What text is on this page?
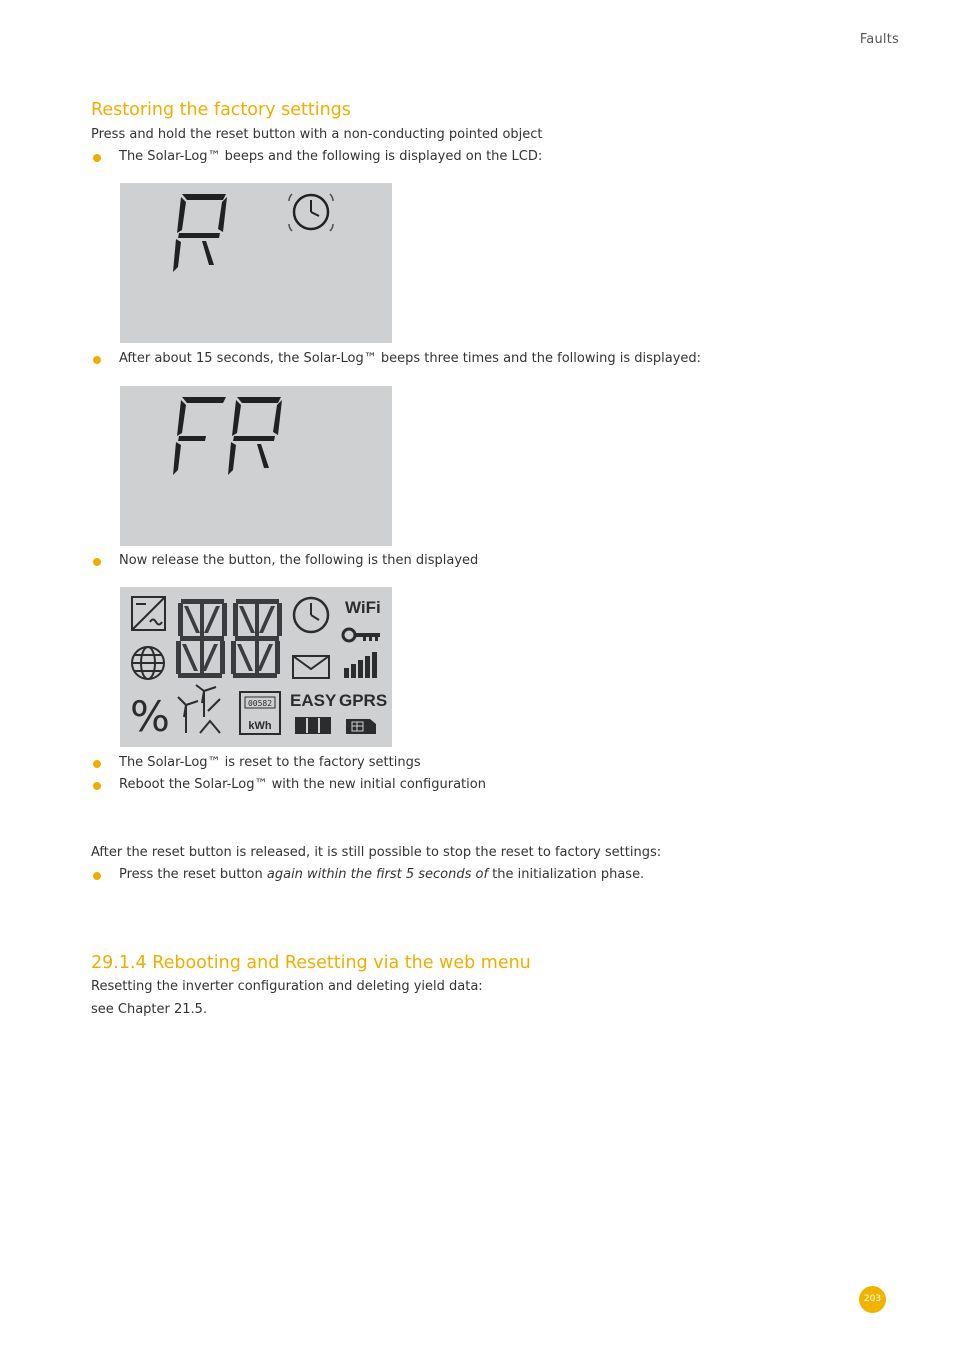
Faults
Restoring the factory settings

Press and hold the reset button with a non-conducting pointed object

The Solar-Log™ beeps and the following is displayed on the LCD:
After about 15 seconds, the Solar-Log™ beeps three times and the following is displayed:
Now release the button, the following is then displayed
%	00582
kWh
WiFi
EASY GPRS
The Solar-Log™ is reset to the factory settings
Reboot the Solar-Log™ with the new initial configuration

After the reset button is released, it is still possible to stop the reset to factory settings:

Press the reset button again within the first 5 seconds of the initialization phase.
29.1.4 Rebooting and Resetting via the web menu

Resetting the inverter configuration and deleting yield data:

see Chapter 21.5.

203
